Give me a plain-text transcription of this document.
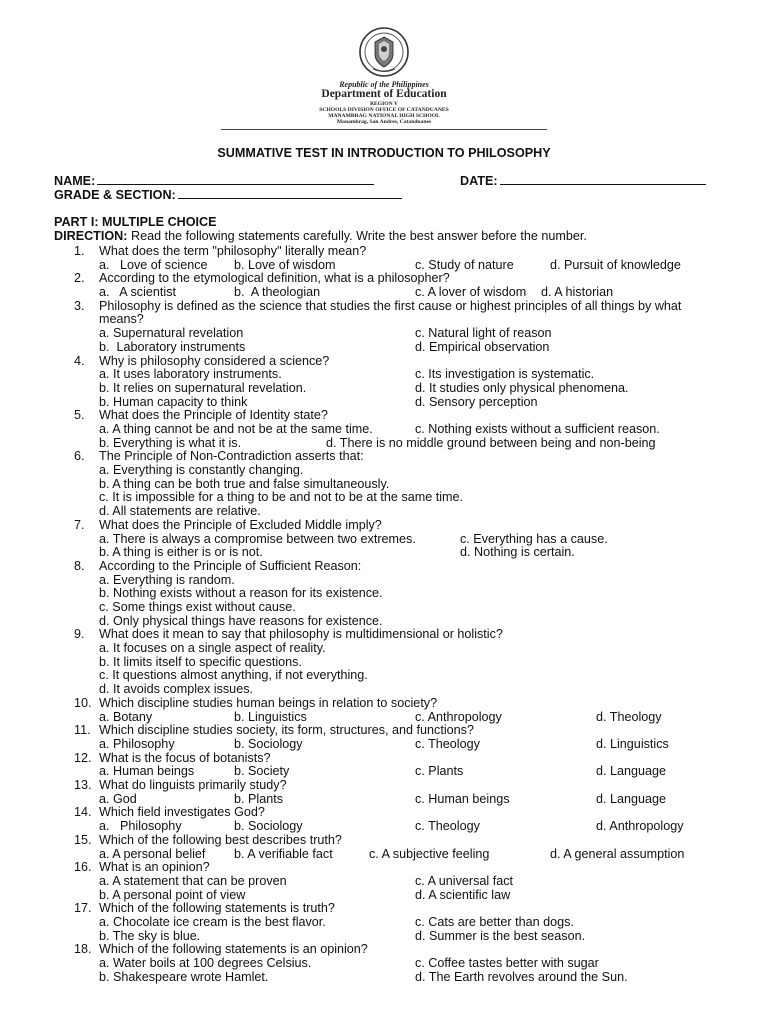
Republic of the Philippines
Department of Education
REGION V
SCHOOLS DIVISION OFFICE OF CATANDUANES
MANAMBRAG NATIONAL HIGH SCHOOL
Manambrag, San Andres, Catanduanes
SUMMATIVE TEST IN INTRODUCTION TO PHILOSOPHY
NAME:	DATE:
GRADE & SECTION:
PART I: MULTIPLE CHOICE
DIRECTION: Read the following statements carefully. Write the best answer before the number.
1.	What does the term "philosophy" literally mean?
a.   Love of science b. Love of wisdom	c. Study of nature	d. Pursuit of knowledge
2.	According to the etymological definition, what is a philosopher?
a.   A scientist	b.  A theologian	c. A lover of wisdom d. A historian
3.	Philosophy is defined as the science that studies the first cause or highest principles of all things by what means?
a. Supernatural revelation	c. Natural light of reason
b.  Laboratory instruments	d. Empirical observation
4.	Why is philosophy considered a science?
a. It uses laboratory instruments.	c. Its investigation is systematic.
b. It relies on supernatural revelation.	d. It studies only physical phenomena.
b. Human capacity to think	d. Sensory perception
5.	What does the Principle of Identity state?
a. A thing cannot be and not be at the same time.	c. Nothing exists without a sufficient reason.
b. Everything is what it is.	d. There is no middle ground between being and non-being
6.	The Principle of Non-Contradiction asserts that:
a. Everything is constantly changing.
b. A thing can be both true and false simultaneously.
c. It is impossible for a thing to be and not to be at the same time.
d. All statements are relative.
7.	What does the Principle of Excluded Middle imply?
a. There is always a compromise between two extremes.	c. Everything has a cause.
b. A thing is either is or is not.	d. Nothing is certain.
8.	According to the Principle of Sufficient Reason:
a. Everything is random.
b. Nothing exists without a reason for its existence.
c. Some things exist without cause.
d. Only physical things have reasons for existence.
9.	What does it mean to say that philosophy is multidimensional or holistic?
a. It focuses on a single aspect of reality.
b. It limits itself to specific questions.
c. It questions almost anything, if not everything.
d. It avoids complex issues.
10. Which discipline studies human beings in relation to society?
a. Botany	b. Linguistics	c. Anthropology	d. Theology
11. Which discipline studies society, its form, structures, and functions?
a. Philosophy	b. Sociology	c. Theology	d. Linguistics
12. What is the focus of botanists?
a. Human beings	b. Society	c. Plants	d. Language
13. What do linguists primarily study?
a. God	b. Plants	c. Human beings	d. Language
14. Which field investigates God?
a.   Philosophy	b. Sociology	c. Theology	d. Anthropology
15. Which of the following best describes truth?
a. A personal belief b. A verifiable fact	c. A subjective feeling	d. A general assumption
16. What is an opinion?
a. A statement that can be proven	c. A universal fact
b. A personal point of view	d. A scientific law
17. Which of the following statements is truth?
a. Chocolate ice cream is the best flavor.	c. Cats are better than dogs.
b. The sky is blue.	d. Summer is the best season.
18. Which of the following statements is an opinion?
a. Water boils at 100 degrees Celsius.	c. Coffee tastes better with sugar
b. Shakespeare wrote Hamlet.	d. The Earth revolves around the Sun.
